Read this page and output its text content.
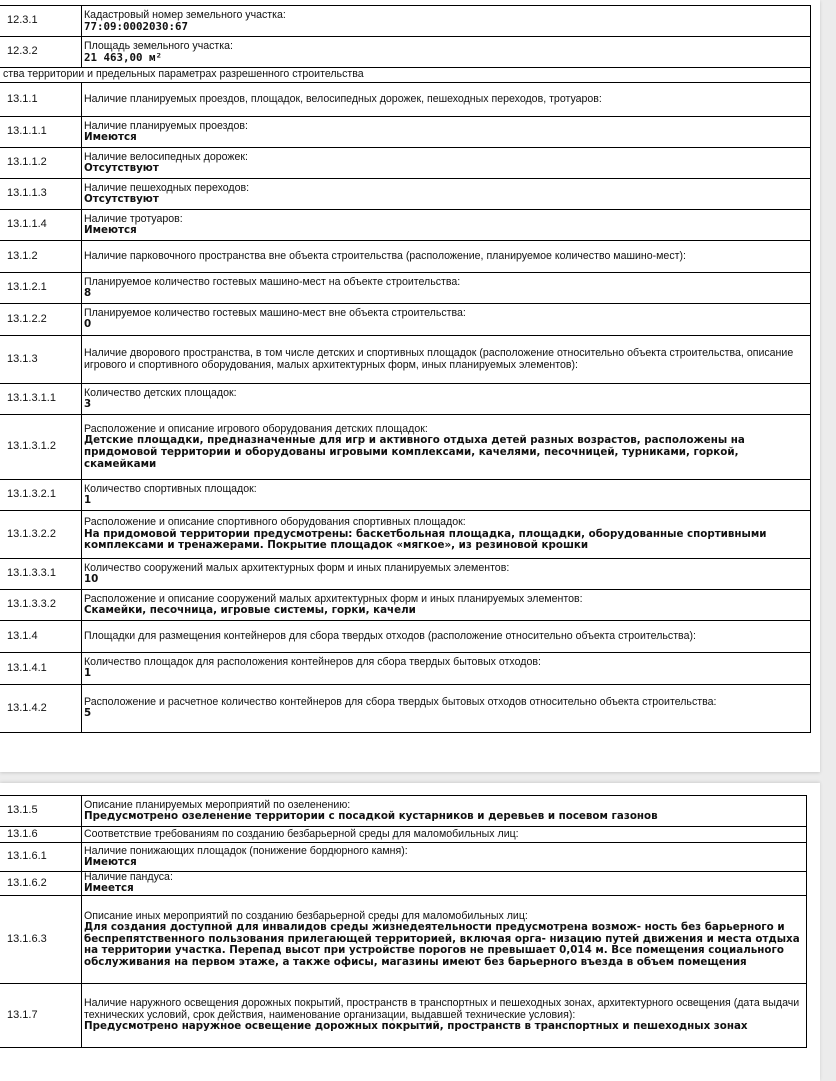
12.3.1	Кадастровый номер земельного участка:
77:09:0002030:67

12.3.2	Площадь земельного участка:
21 463,00 м²

ства территории и предельных параметрах разрешенного строительства	
13.1.1	Наличие планируемых проездов, площадок, велосипедных дорожек, пешеходных переходов, тротуаров:

13.1.1.1	Наличие планируемых проездов:
Имеются

13.1.1.2	Наличие велосипедных дорожек:
Отсутствуют

13.1.1.3	Наличие пешеходных переходов:
Отсутствуют

13.1.1.4	Наличие тротуаров:
Имеются

13.1.2	Наличие парковочного пространства вне объекта строительства (расположение, планируемое количество машино-мест):

13.1.2.1	Планируемое количество гостевых машино-мест на объекте строительства:
8

13.1.2.2	Планируемое количество гостевых машино-мест вне объекта строительства:
0

13.1.3	Наличие дворового пространства, в том числе детских и спортивных площадок (расположение относительно объекта строительства, описание игрового и спортивного оборудования, малых архитектурных форм, иных планируемых элементов):

13.1.3.1.1	Количество детских площадок:
3

13.1.3.1.2	Расположение и описание игрового оборудования детских площадок:
Детские площадки, предназначенные для игр и активного отдыха детей разных возрастов, расположены на придомовой территории и оборудованы игровыми комплексами, качелями, песочницей, турниками, горкой, скамейками

13.1.3.2.1	Количество спортивных площадок:
1

13.1.3.2.2	Расположение и описание спортивного оборудования спортивных площадок:
На придомовой территории предусмотрены: баскетбольная площадка, площадки, оборудованные спортивными комплексами и тренажерами. Покрытие площадок «мягкое», из резиновой крошки

13.1.3.3.1	Количество сооружений малых архитектурных форм и иных планируемых элементов:
10

13.1.3.3.2	Расположение и описание сооружений малых архитектурных форм и иных планируемых элементов:
Скамейки, песочница, игровые системы, горки, качели

13.1.4	Площадки для размещения контейнеров для сбора твердых отходов (расположение относительно объекта строительства):

13.1.4.1	Количество площадок для расположения контейнеров для сбора твердых бытовых отходов:
1

13.1.4.2	Расположение и расчетное количество контейнеров для сбора твердых бытовых отходов относительно объекта строительства:
5
13.1.5	Описание планируемых мероприятий по озеленению:
Предусмотрено озеленение территории с посадкой кустарников и деревьев и посевом газонов

13.1.6	Соответствие требованиям по созданию безбарьерной среды для маломобильных лиц:

13.1.6.1	Наличие понижающих площадок (понижение бордюрного камня):
Имеются

13.1.6.2	Наличие пандуса:
Имеется

13.1.6.3	Описание иных мероприятий по созданию безбарьерной среды для маломобильных лиц:
Для создания доступной для инвалидов среды жизнедеятельности предусмотрена возмож- ность без барьерного и беспрепятственного пользования прилегающей территорией, включая орга- низацию путей движения и места отдыха на территории участка. Перепад высот при устройстве порогов не превышает 0,014 м. Все помещения социального обслуживания на первом этаже, а также офисы, магазины имеют без барьерного въезда в объем помещения

13.1.7	Наличие наружного освещения дорожных покрытий, пространств в транспортных и пешеходных зонах, архитектурного освещения (дата выдачи технических условий, срок действия, наименование организации, выдавшей технические условия):
Предусмотрено наружное освещение дорожных покрытий, пространств в транспортных и пешеходных зонах
